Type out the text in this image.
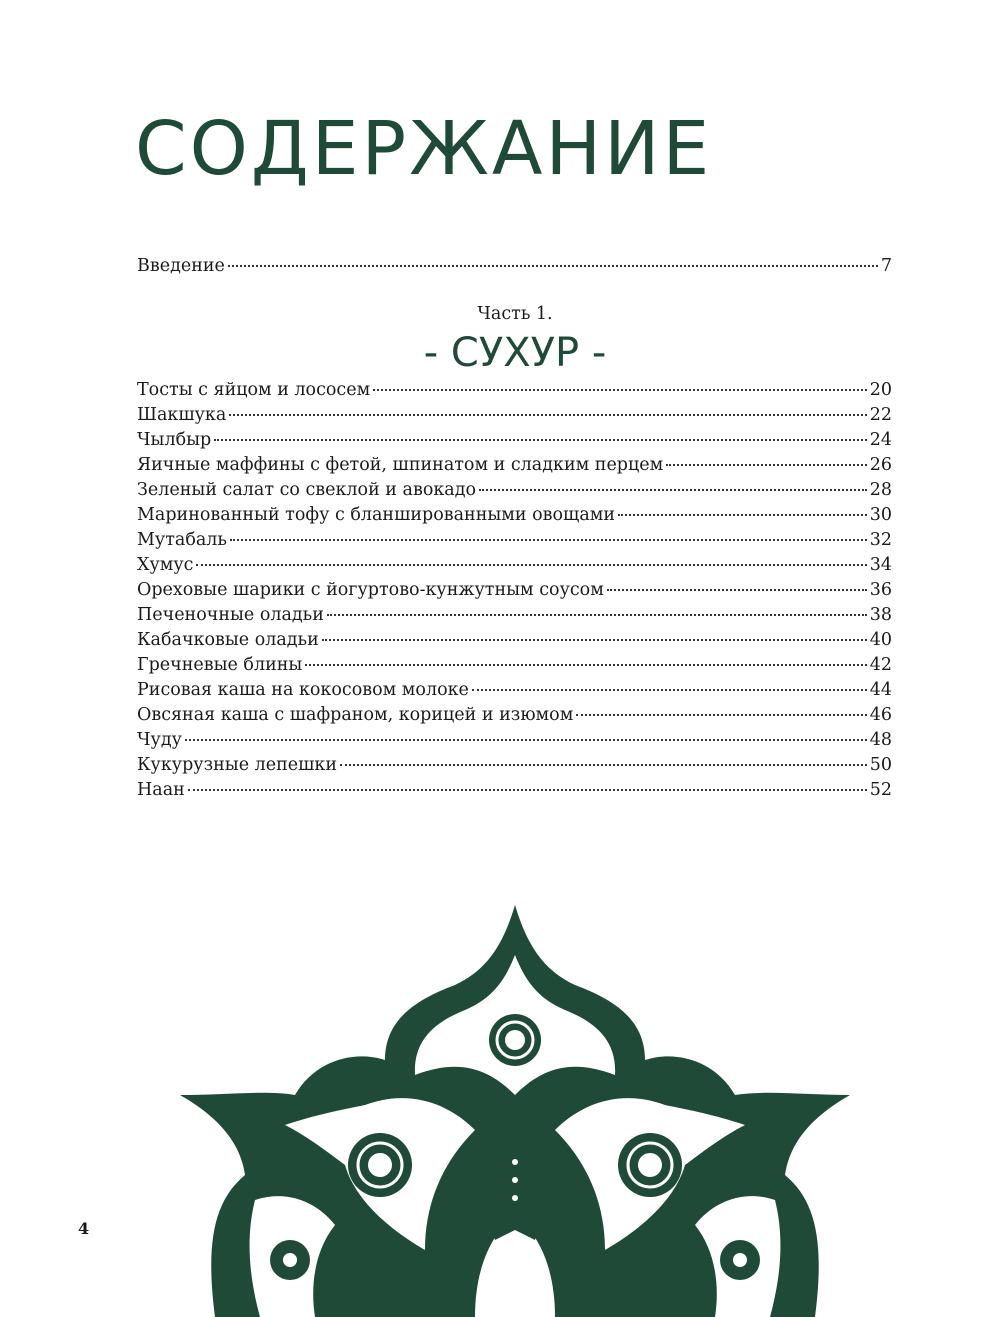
СОДЕРЖАНИЕ
Введение	7
Часть 1.
- СУХУР -
Тосты с яйцом и лососем	20
Шакшука	22
Чылбыр	24
Яичные маффины с фетой, шпинатом и сладким перцем	26
Зеленый салат со свеклой и авокадо	28
Маринованный тофу с бланшированными овощами	30
Мутабаль	32
Хумус	34
Ореховые шарики с йогуртово-кунжутным соусом	36
Печеночные оладьи	38
Кабачковые оладьи	40
Гречневые блины	42
Рисовая каша на кокосовом молоке	44
Овсяная каша с шафраном, корицей и изюмом	46
Чуду	48
Кукурузные лепешки	50
Наан	52
4
